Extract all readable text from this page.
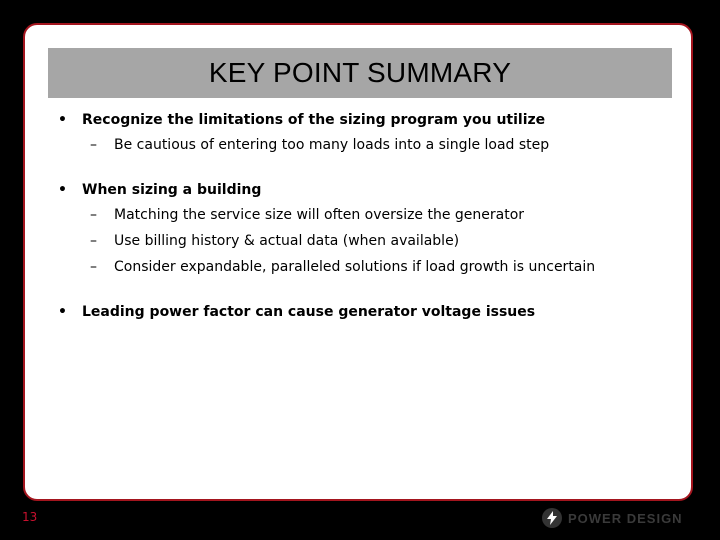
KEY POINT SUMMARY
•	Recognize the limitations of the sizing program you utilize
–	Be cautious of entering too many loads into a single load step
•	When sizing a building
–	Matching the service size will often oversize the generator
–	Use billing history & actual data (when available)
–	Consider expandable, paralleled solutions if load growth is uncertain
•	Leading power factor can cause generator voltage issues
13	POWER DESIGN
